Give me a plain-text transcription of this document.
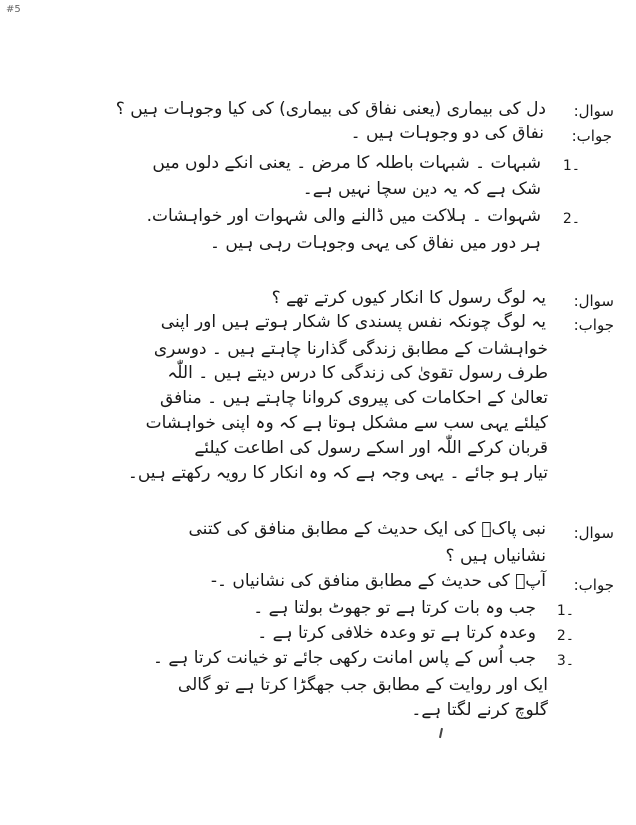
#5
سوال:
دل کی بیماری (یعنی نفاق کی بیماری) کی کیا وجوہات ہیں ؟
جواب:
نفاق کی دو وجوہات ہیں ۔
۔1
شبہات ۔ شبہات باطلہ کا مرض ۔ یعنی انکے دلوں میں
شک ہے کہ یہ دین سچا نہیں ہے۔
۔2
شہوات ۔ ہلاکت میں ڈالنے والی شہوات اور خواہشات.
ہر دور میں نفاق کی یہی وجوہات رہی ہیں ۔
سوال:
یہ لوگ رسول کا انکار کیوں کرتے تھے ؟
جواب:
یہ لوگ چونکہ نفس پسندی کا شکار ہوتے ہیں اور اپنی
خواہشات کے مطابق زندگی گذارنا چاہتے ہیں ۔ دوسری
طرف رسول تقویٰ کی زندگی کا درس دیتے ہیں ۔ اللّٰہ
تعالیٰ کے احکامات کی پیروی کروانا چاہتے ہیں ۔ منافق
کیلئے یہی سب سے مشکل ہوتا ہے کہ وہ اپنی خواہشات
قربان کرکے اللّٰہ اور اسکے رسول کی اطاعت کیلئے
تیار ہو جائے ۔ یہی وجہ ہے کہ وہ انکار کا رویہ رکھتے ہیں۔
سوال:
نبی پاکؐ کی ایک حدیث کے مطابق منافق کی کتنی
نشانیاں ہیں ؟
جواب:
آپؐ کی حدیث کے مطابق منافق کی نشانیاں ۔-
۔1
جب وہ بات کرتا ہے تو جھوٹ بولتا ہے ۔
۔2
وعدہ کرتا ہے تو وعدہ خلافی کرتا ہے ۔
۔3
جب اُس کے پاس امانت رکھی جائے تو خیانت کرتا ہے ۔
ایک اور روایت کے مطابق جب جھگڑا کرتا ہے تو گالی
گلوچ کرنے لگتا ہے۔
